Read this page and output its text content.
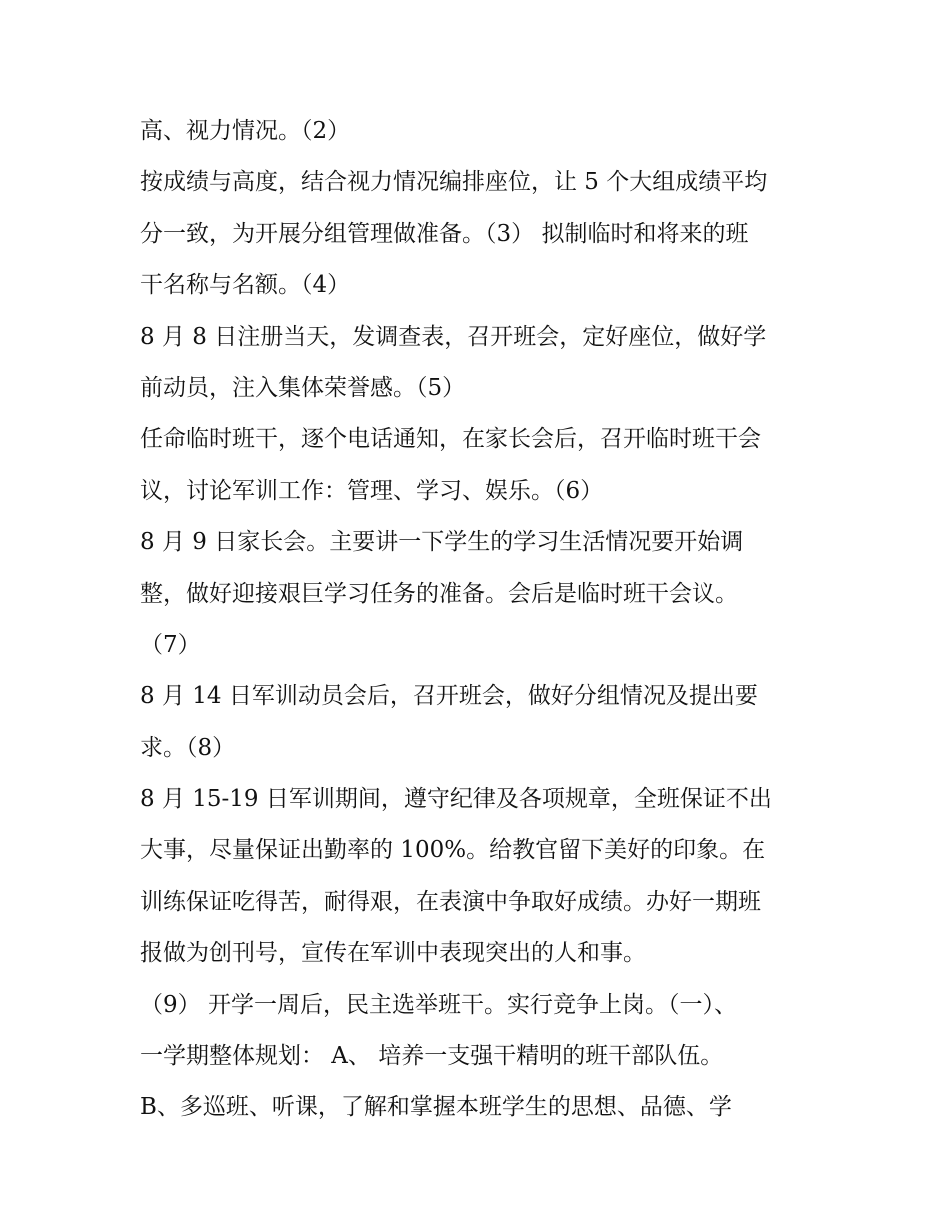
高、视力情况。（2）
按成绩与高度，结合视力情况编排座位，让 5 个大组成绩平均
分一致，为开展分组管理做准备。（3） 拟制临时和将来的班
干名称与名额。（4）
8 月 8 日注册当天，发调查表，召开班会，定好座位，做好学
前动员，注入集体荣誉感。（5）
任命临时班干，逐个电话通知，在家长会后，召开临时班干会
议，讨论军训工作：管理、学习、娱乐。（6）
8 月 9 日家长会。主要讲一下学生的学习生活情况要开始调
整，做好迎接艰巨学习任务的准备。会后是临时班干会议。
（7）
8 月 14 日军训动员会后，召开班会，做好分组情况及提出要
求。（8）
8 月 15-19 日军训期间，遵守纪律及各项规章，全班保证不出
大事，尽量保证出勤率的 100%。给教官留下美好的印象。在
训练保证吃得苦，耐得艰，在表演中争取好成绩。办好一期班
报做为创刊号，宣传在军训中表现突出的人和事。
（9） 开学一周后，民主选举班干。实行竞争上岗。（一）、
一学期整体规划： A、 培养一支强干精明的班干部队伍。
B、多巡班、听课，了解和掌握本班学生的思想、品德、学
